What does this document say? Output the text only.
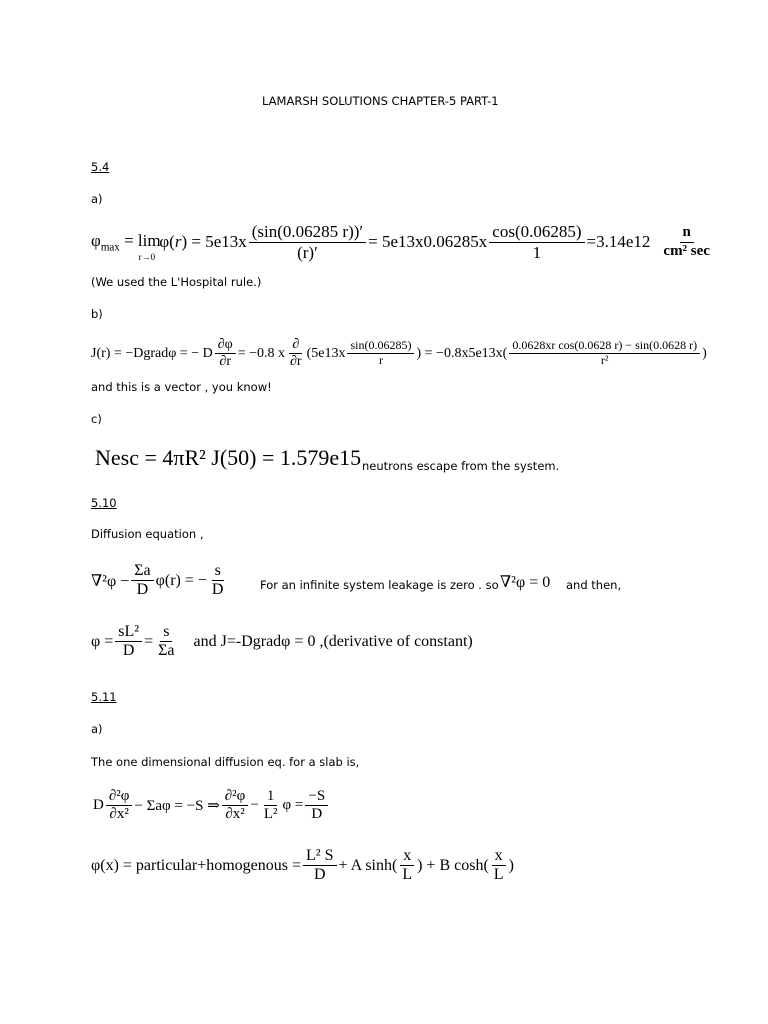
LAMARSH SOLUTIONS CHAPTER-5 PART-1
5.4
a)
$\varphi_{max} = \lim$
r→0
$\varphi(r) = 5e13x \frac{(\sin(0.06285 r))'}{(r)'} = 5e13x0.06285x \frac{\cos(0.06285)}{1} =3.14e12 \frac{n}{\text{cm² sec}}$
(We used the L'Hospital rule.)
b)
J(r) = −Dgradφ = − D $\frac{\partial\varphi}{\partial r} = -0.8$ x $\frac{\partial}{\partial r} (5e13x \frac{\sin(0.06285)}{r}$ ) = $-0.8x5e13x( \frac{\text{0.0628xr cos(0.0628 r) − sin(0.0628 r)}}{\text{r²}}$ )
and this is a vector , you know!
c)
Nesc = 4πR² J(50) = 1.579e15 neutrons escape from the system.
5.10
Diffusion equation ,
$\nabla^2\varphi - \frac{\Sigma a}{D} \varphi(r)$ = − $\frac{s}{D}$	For an infinite system leakage is zero . so ∇²φ = 0 and then,
$\varphi = \frac{\text{sL²}}{D} = \frac{s}{\Sigma a}$ and J=-Dgradφ = 0 ,(derivative of constant)
5.11
a)
The one dimensional diffusion eq. for a slab is,
D $\frac{\text{∂²φ}}{\text{∂x²}} - \Sigma a\varphi = -S$ ⇒ $\frac{\text{∂²φ}}{\text{∂x²}} - \frac{1}{\text{L²}}$ $\varphi = \frac{-S}{D}$
φ(x) = particular+homogenous = $\frac{\text{L² S}}{D} + A$ $\sinh( \frac{x}{L}$ ) + B $\cosh( \frac{x}{L}$ )
